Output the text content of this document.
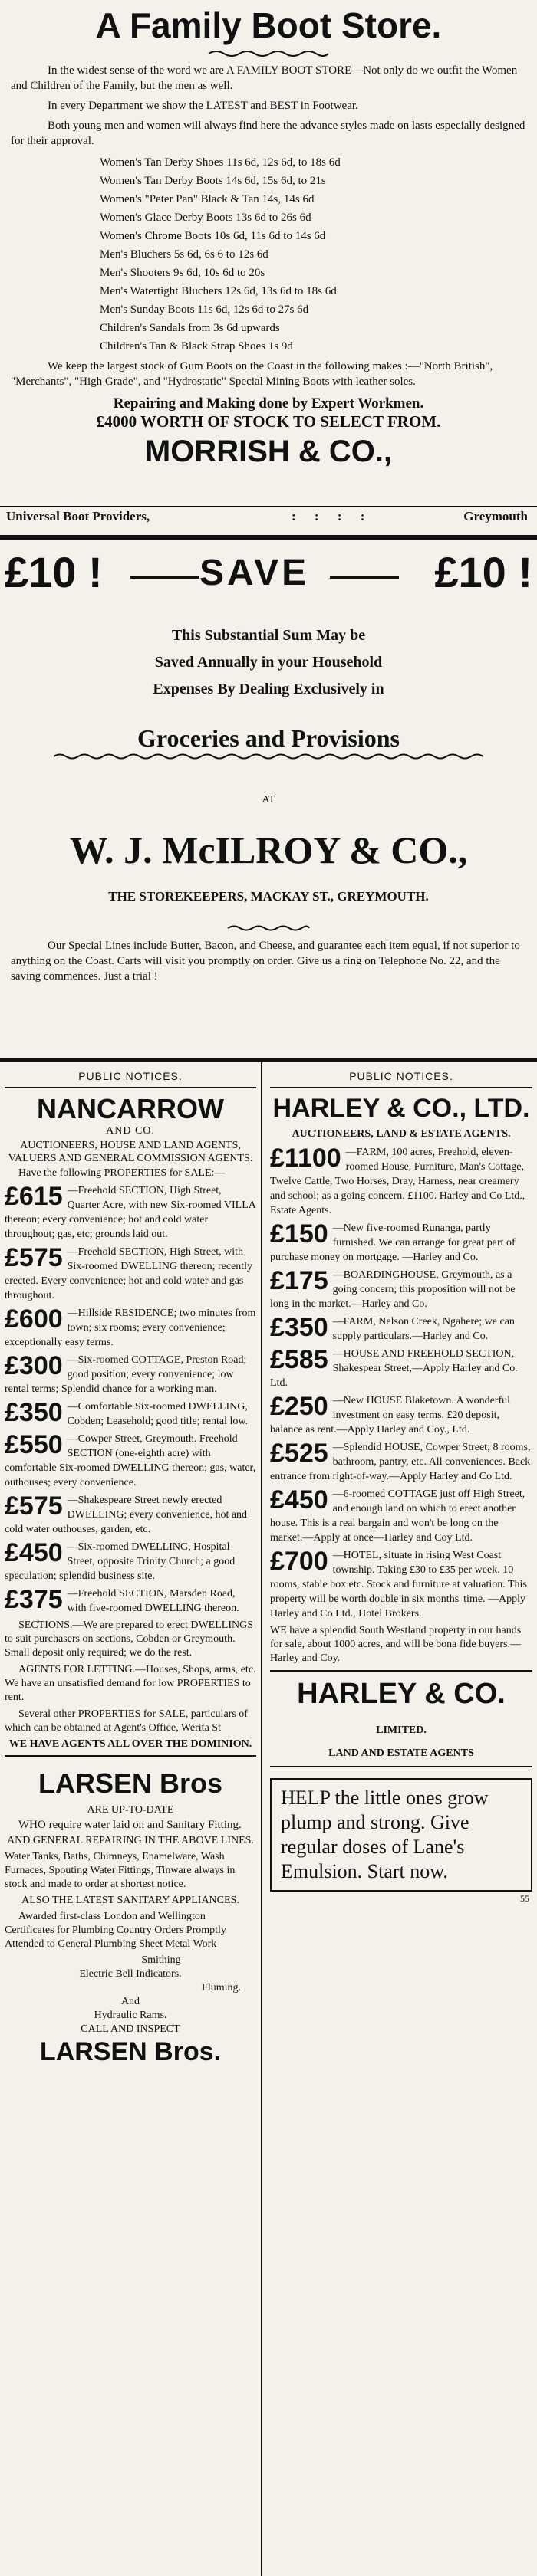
A Family Boot Store.

In the widest sense of the word we are A FAMILY BOOT STORE—Not only do we outfit the Women and Children of the Family, but the men as well.

In every Department we show the LATEST and BEST in Footwear.

Both young men and women will always find here the advance styles made on lasts especially designed for their approval.

Women's Tan Derby Shoes 11s 6d, 12s 6d, to 18s 6d
Women's Tan Derby Boots 14s 6d, 15s 6d, to 21s
Women's "Peter Pan" Black & Tan 14s, 14s 6d
Women's Glace Derby Boots 13s 6d to 26s 6d
Women's Chrome Boots 10s 6d, 11s 6d to 14s 6d
Men's Bluchers 5s 6d, 6s 6 to 12s 6d
Men's Shooters 9s 6d, 10s 6d to 20s
Men's Watertight Bluchers 12s 6d, 13s 6d to 18s 6d
Men's Sunday Boots 11s 6d, 12s 6d to 27s 6d
Children's Sandals from 3s 6d upwards
Children's Tan & Black Strap Shoes 1s 9d

We keep the largest stock of Gum Boots on the Coast in the following makes :—"North British", "Merchants", "High Grade", and "Hydrostatic" Special Mining Boots with leather soles.

Repairing and Making done by Expert Workmen.

£4000 WORTH OF STOCK TO SELECT FROM.

MORRISH & CO.,
Universal Boot Providers,	: : : :	Greymouth
£10 !	SAVE	£10 !

This Substantial Sum May be

Saved Annually in your Household

Expenses By Dealing Exclusively in

Groceries and Provisions

AT

W. J. McILROY & CO.,

THE STOREKEEPERS, MACKAY ST., GREYMOUTH.

Our Special Lines include Butter, Bacon, and Cheese, and guarantee each item equal, if not superior to anything on the Coast. Carts will visit you promptly on order. Give us a ring on Telephone No. 22, and the saving commences. Just a trial !

PUBLIC NOTICES.
NANCARROW

AND CO.

AUCTIONEERS, HOUSE AND LAND AGENTS, VALUERS AND GENERAL COMMISSION AGENTS.

Have the following PROPERTIES for SALE:—

£615 —Freehold SECTION, High Street, Quarter Acre, with new Six-roomed VILLA thereon; every convenience; hot and cold water throughout; gas, etc; grounds laid out.
£575 —Freehold SECTION, High Street, with Six-roomed DWELLING thereon; recently erected. Every convenience; hot and cold water and gas throughout.
£600 —Hillside RESIDENCE; two minutes from town; six rooms; every convenience; exceptionally easy terms.
£300 —Six-roomed COTTAGE, Preston Road; good position; every convenience; low rental terms; Splendid chance for a working man.
£350 —Comfortable Six-roomed DWELLING, Cobden; Leasehold; good title; rental low.
£550 —Cowper Street, Greymouth. Freehold SECTION (one-eighth acre) with comfortable Six-roomed DWELLING thereon; gas, water, outhouses; every convenience.
£575 —Shakespeare Street newly erected DWELLING; every convenience, hot and cold water outhouses, garden, etc.
£450 —Six-roomed DWELLING, Hospital Street, opposite Trinity Church; a good speculation; splendid business site.
£375 —Freehold SECTION, Marsden Road, with five-roomed DWELLING thereon.

SECTIONS.—We are prepared to erect DWELLINGS to suit purchasers on sections, Cobden or Greymouth. Small deposit only required; we do the rest.

AGENTS FOR LETTING.—Houses, Shops, arms, etc. We have an unsatisfied demand for low PROPERTIES to rent.

Several other PROPERTIES for SALE, particulars of which can be obtained at Agent's Office, Werita St

WE HAVE AGENTS ALL OVER THE DOMINION.

LARSEN Bros

ARE UP-TO-DATE

WHO require water laid on and Sanitary Fitting.

AND GENERAL REPAIRING IN THE ABOVE LINES.

Water Tanks, Baths, Chimneys, Enamelware, Wash Furnaces, Spouting Water Fittings, Tinware always in stock and made to order at shortest notice.

ALSO THE LATEST SANITARY APPLIANCES.

Awarded first-class London and Wellington Certificates for Plumbing Country Orders Promptly Attended to General Plumbing Sheet Metal Work

Smithing

Electric Bell Indicators.

Fluming.

And

Hydraulic Rams.

CALL AND INSPECT

LARSEN Bros.
PUBLIC NOTICES.
HARLEY & CO., LTD.

AUCTIONEERS, LAND & ESTATE AGENTS.

£1100 —FARM, 100 acres, Freehold, eleven-roomed House, Furniture, Man's Cottage, Twelve Cattle, Two Horses, Dray, Harness, near creamery and school; as a going concern. £1100. Harley and Co Ltd., Estate Agents.
£150 —New five-roomed Runanga, partly furnished. We can arrange for great part of purchase money on mortgage. —Harley and Co.
£175 —BOARDINGHOUSE, Greymouth, as a going concern; this proposition will not be long in the market.—Harley and Co.
£350 —FARM, Nelson Creek, Ngahere; we can supply particulars.—Harley and Co.
£585 —HOUSE AND FREEHOLD SECTION, Shakespear Street,—Apply Harley and Co. Ltd.
£250 —New HOUSE Blaketown. A wonderful investment on easy terms. £20 deposit, balance as rent.—Apply Harley and Coy., Ltd.
£525 —Splendid HOUSE, Cowper Street; 8 rooms, bathroom, pantry, etc. All conveniences. Back entrance from right-of-way.—Apply Harley and Co Ltd.
£450 —6-roomed COTTAGE just off High Street, and enough land on which to erect another house. This is a real bargain and won't be long on the market.—Apply at once—Harley and Coy Ltd.
£700 —HOTEL, situate in rising West Coast township. Taking £30 to £35 per week. 10 rooms, stable box etc. Stock and furniture at valuation. This property will be worth double in six months' time. —Apply Harley and Co Ltd., Hotel Brokers.

WE have a splendid South Westland property in our hands for sale, about 1000 acres, and will be bona fide buyers.—Harley and Coy.

HARLEY & CO.

LIMITED.

LAND AND ESTATE AGENTS

HELP the little ones grow plump and strong. Give regular doses of Lane's Emulsion. Start now.

55
